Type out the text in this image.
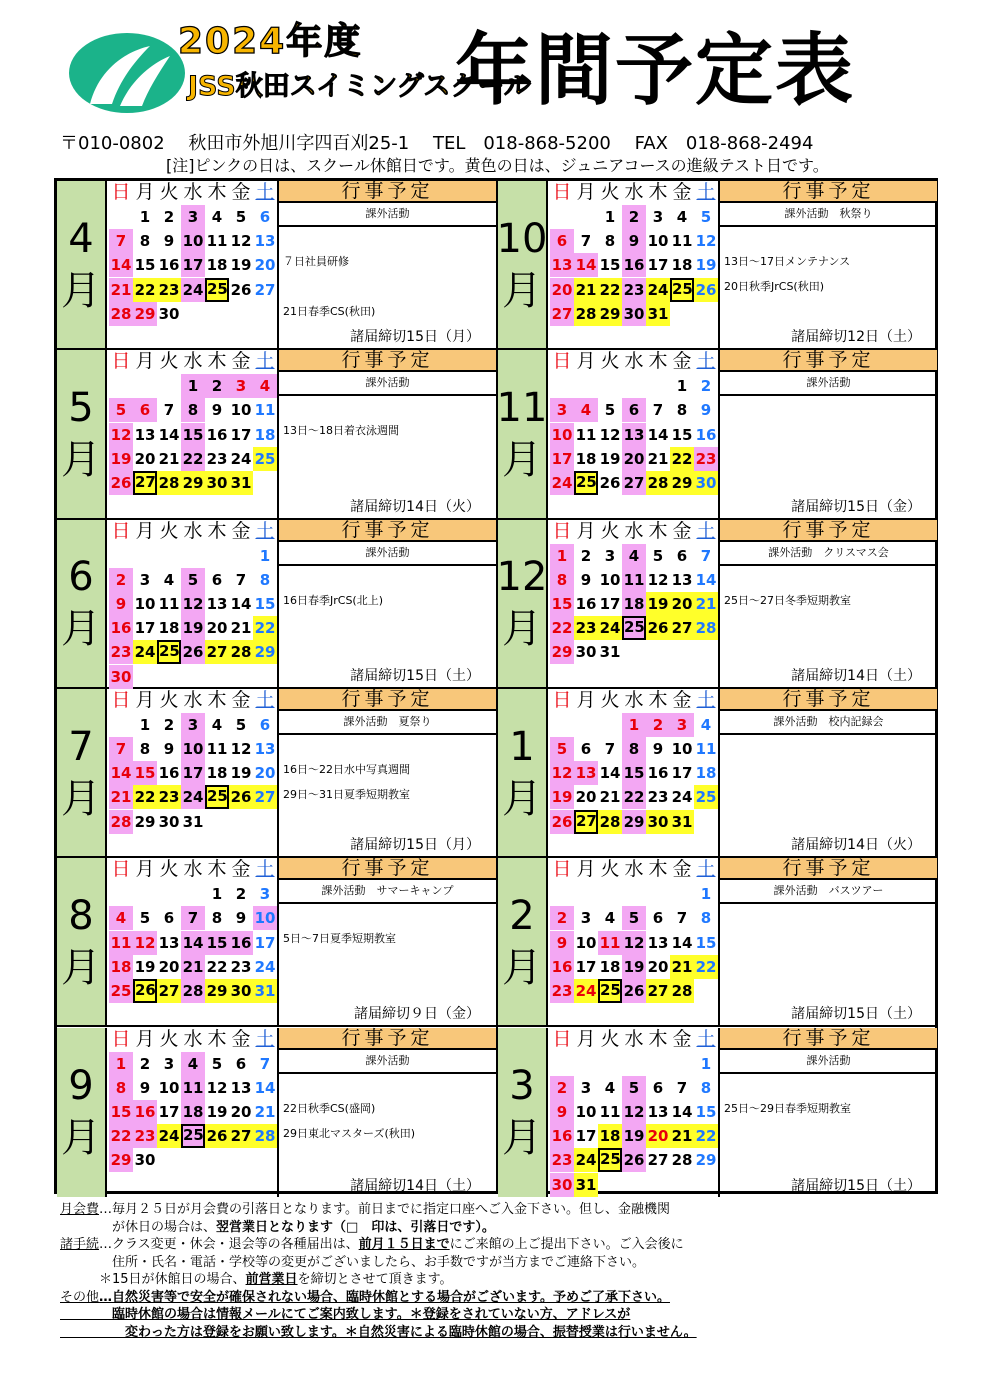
2024年度
JSS秋田スイミングスクール
年間予定表
〒010-0802　 秋田市外旭川字四百刈25-1　 TEL　018-868-5200 　FAX　018-868-2494
[注]ピンクの日は、スクール休館日です。黄色の日は、ジュニアコースの進級テスト日です。
4
月
日 月 火 水 木 金 土
1 2 3 4 5 6
7 8 9 10 11 12 13
14 15 16 17 18 19 20
21 22 23 24 25 26 27
28 29 30
行事予定
課外活動
７日社員研修

21日春季CS(秋田)
諸届締切15日（月）
5
月
日 月 火 水 木 金 土
1 2 3 4
5 6 7 8 9 10 11
12 13 14 15 16 17 18
19 20 21 22 23 24 25
26 27 28 29 30 31
行事予定
課外活動
13日～18日着衣泳週間
諸届締切14日（火）
6
月
日 月 火 水 木 金 土
1
2 3 4 5 6 7 8
9 10 11 12 13 14 15
16 17 18 19 20 21 22
23 24 25 26 27 28 29
30
行事予定
課外活動
16日春季JrCS(北上)
諸届締切15日（土）
7
月
日 月 火 水 木 金 土
1 2 3 4 5 6
7 8 9 10 11 12 13
14 15 16 17 18 19 20
21 22 23 24 25 26 27
28 29 30 31
行事予定
課外活動　夏祭り
16日～22日水中写真週間
29日～31日夏季短期教室
諸届締切15日（月）
8
月
日 月 火 水 木 金 土
1 2 3
4 5 6 7 8 9 10
11 12 13 14 15 16 17
18 19 20 21 22 23 24
25 26 27 28 29 30 31
行事予定
課外活動　サマーキャンプ
5日～7日夏季短期教室
諸届締切９日（金）
9
月
日 月 火 水 木 金 土
1 2 3 4 5 6 7
8 9 10 11 12 13 14
15 16 17 18 19 20 21
22 23 24 25 26 27 28
29 30
行事予定
課外活動
22日秋季CS(盛岡)
29日東北マスターズ(秋田)
諸届締切14日（土）
10
月
日 月 火 水 木 金 土
1 2 3 4 5
6 7 8 9 10 11 12
13 14 15 16 17 18 19
20 21 22 23 24 25 26
27 28 29 30 31
行事予定
課外活動　秋祭り
13日～17日メンテナンス
20日秋季JrCS(秋田)
諸届締切12日（土）
11
月
日 月 火 水 木 金 土
1 2
3 4 5 6 7 8 9
10 11 12 13 14 15 16
17 18 19 20 21 22 23
24 25 26 27 28 29 30
行事予定
課外活動
諸届締切15日（金）
12
月
日 月 火 水 木 金 土
1 2 3 4 5 6 7
8 9 10 11 12 13 14
15 16 17 18 19 20 21
22 23 24 25 26 27 28
29 30 31
行事予定
課外活動　クリスマス会
25日～27日冬季短期教室
諸届締切14日（土）
1
月
日 月 火 水 木 金 土
1 2 3 4
5 6 7 8 9 10 11
12 13 14 15 16 17 18
19 20 21 22 23 24 25
26 27 28 29 30 31
行事予定
課外活動　校内記録会
諸届締切14日（火）
2
月
日 月 火 水 木 金 土
1
2 3 4 5 6 7 8
9 10 11 12 13 14 15
16 17 18 19 20 21 22
23 24 25 26 27 28
行事予定
課外活動　バスツアー
諸届締切15日（土）
3
月
日 月 火 水 木 金 土
1
2 3 4 5 6 7 8
9 10 11 12 13 14 15
16 17 18 19 20 21 22
23 24 25 26 27 28 29
30 31
行事予定
課外活動
25日～29日春季短期教室
諸届締切15日（土）
月会費…毎月２５日が月会費の引落日となります。前日までに指定口座へご入金下さい。但し、金融機関
　　　　が休日の場合は、翌営業日となります（□　印は、引落日です）。
諸手続…クラス変更・休会・退会等の各種届出は、前月１５日までにご来館の上ご提出下さい。ご入会後に
　　　　住所・氏名・電話・学校等の変更がございましたら、お手数ですが当方までご連絡下さい。
　　　＊15日が休館日の場合、前営業日を締切とさせて頂きます。
その他…自然災害等で安全が確保されない場合、臨時休館とする場合がございます。予めご了承下さい。
　　　　臨時休館の場合は情報メールにてご案内致します。＊登録をされていない方、アドレスが
　　　　　変わった方は登録をお願い致します。＊自然災害による臨時休館の場合、振替授業は行いません。
